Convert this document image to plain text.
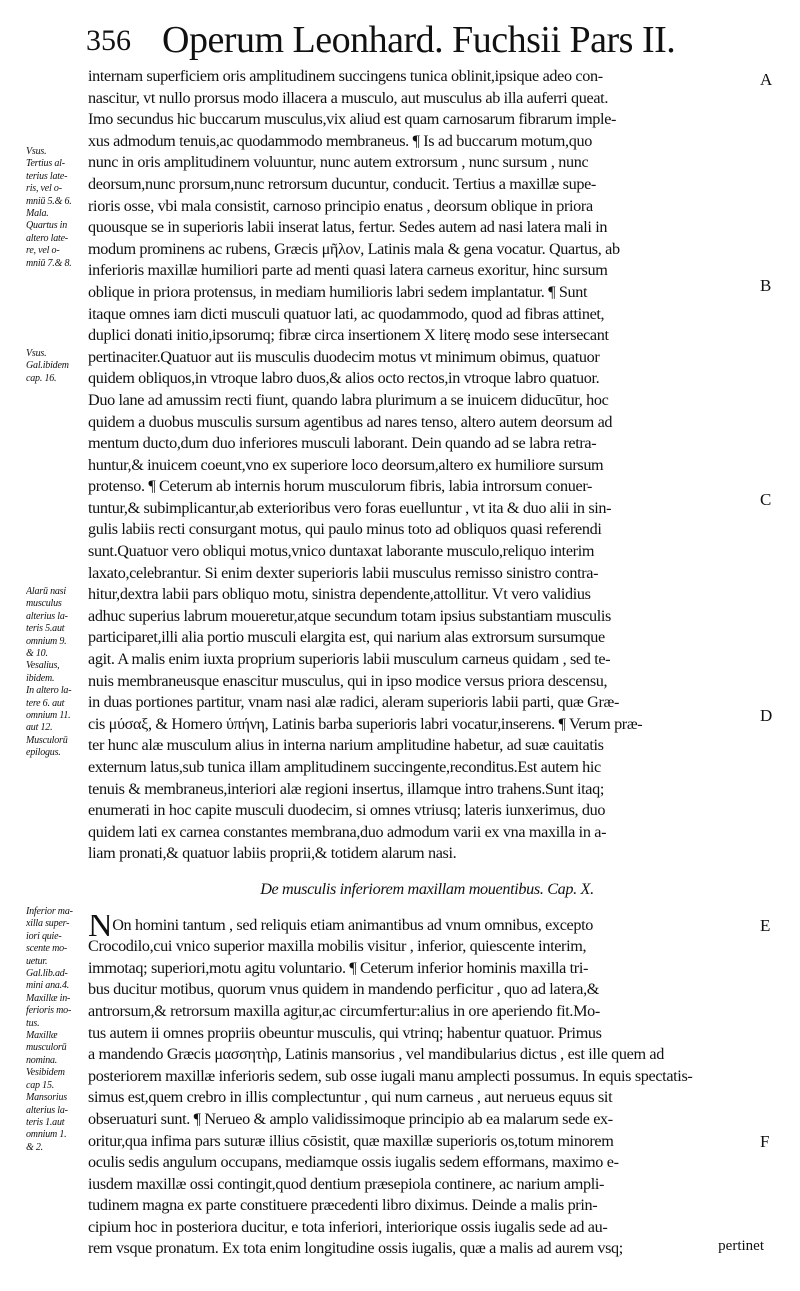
356 Operum Leonhard. Fuchsii Pars II.
Vsus.
Tertius al-
terius late-
ris, vel o-
mniū 5.& 6.
Mala.
Quartus in
altero late-
re, vel o-
mniū 7.& 8.
Vsus.
Gal.ibidem
cap. 16.
Alarū nasi
musculus
alterius la-
teris 5.aut
omnium 9.
& 10.
Vesalius,
ibidem.
In altero la-
tere 6. aut
omnium 11.
aut 12.
Musculorū
epilogus.
Inferior ma-
xilla super-
iori quie-
scente mo-
uetur.
Gal.lib.ad-
mini ana.4.
Maxillæ in-
ferioris mo-
tus.
Maxillæ
musculorū
nomina.
Vesibidem
cap 15.
Mansorius
alterius la-
teris 1.aut
omnium 1.
& 2.
A
B
C
D
E
F
internam superficiem oris amplitudinem succingens tunica oblinit,ipsique adeo con-
nascitur, vt nullo prorsus modo illacera a musculo, aut musculus ab illa auferri queat.
Imo secundus hic buccarum musculus,vix aliud est quam carnosarum fibrarum imple-
xus admodum tenuis,ac quodammodo membraneus. ¶ Is ad buccarum motum,quo
nunc in oris amplitudinem voluuntur, nunc autem extrorsum , nunc sursum , nunc
deorsum,nunc prorsum,nunc retrorsum ducuntur, conducit. Tertius a maxillæ supe-
rioris osse, vbi mala consistit, carnoso principio enatus , deorsum oblique in priora
quousque se in superioris labii inserat latus, fertur. Sedes autem ad nasi latera mali in
modum prominens ac rubens, Græcis μῆλον, Latinis mala & gena vocatur. Quartus, ab
inferioris maxillæ humiliori parte ad menti quasi latera carneus exoritur, hinc sursum
oblique in priora protensus, in mediam humilioris labri sedem implantatur. ¶ Sunt
itaque omnes iam dicti musculi quatuor lati, ac quodammodo, quod ad fibras attinet,
duplici donati initio,ipsorumq; fibræ circa insertionem X literę modo sese intersecant
pertinaciter.Quatuor aut iis musculis duodecim motus vt minimum obimus, quatuor
quidem obliquos,in vtroque labro duos,& alios octo rectos,in vtroque labro quatuor.
Duo lane ad amussim recti fiunt, quando labra plurimum a se inuicem diducūtur, hoc
quidem a duobus musculis sursum agentibus ad nares tenso, altero autem deorsum ad
mentum ducto,dum duo inferiores musculi laborant. Dein quando ad se labra retra-
huntur,& inuicem coeunt,vno ex superiore loco deorsum,altero ex humiliore sursum
protenso. ¶ Ceterum ab internis horum musculorum fibris, labia introrsum conuer-
tuntur,& subimplicantur,ab exterioribus vero foras euelluntur , vt ita & duo alii in sin-
gulis labiis recti consurgant motus, qui paulo minus toto ad obliquos quasi referendi
sunt.Quatuor vero obliqui motus,vnico duntaxat laborante musculo,reliquo interim
laxato,celebrantur. Si enim dexter superioris labii musculus remisso sinistro contra-
hitur,dextra labii pars obliquo motu, sinistra dependente,attollitur. Vt vero validius
adhuc superius labrum moueretur,atque secundum totam ipsius substantiam musculis
participaret,illi alia portio musculi elargita est, qui narium alas extrorsum sursumque
agit. A malis enim iuxta proprium superioris labii musculum carneus quidam , sed te-
nuis membraneusque enascitur musculus, qui in ipso modice versus priora descensu,
in duas portiones partitur, vnam nasi alæ radici, aleram superioris labii parti, quæ Græ-
cis μύσαξ, & Homero ὑπήνη, Latinis barba superioris labri vocatur,inserens. ¶ Verum præ-
ter hunc alæ musculum alius in interna narium amplitudine habetur, ad suæ cauitatis
externum latus,sub tunica illam amplitudinem succingente,reconditus.Est autem hic
tenuis & membraneus,interiori alæ regioni insertus, illamque intro trahens.Sunt itaq;
enumerati in hoc capite musculi duodecim, si omnes vtriusq; lateris iunxerimus, duo
quidem lati ex carnea constantes membrana,duo admodum varii ex vna maxilla in a-
liam pronati,& quatuor labiis proprii,& totidem alarum nasi.
De musculis inferiorem maxillam mouentibus. Cap. X.
NOn homini tantum , sed reliquis etiam animantibus ad vnum omnibus, excepto
Crocodilo,cui vnico superior maxilla mobilis visitur , inferior, quiescente interim,
immotaq; superiori,motu agitu voluntario. ¶ Ceterum inferior hominis maxilla tri-
bus ducitur motibus, quorum vnus quidem in mandendo perficitur , quo ad latera,&
antrorsum,& retrorsum maxilla agitur,ac circumfertur:alius in ore aperiendo fit.Mo-
tus autem ii omnes propriis obeuntur musculis, qui vtrinq; habentur quatuor. Primus
a mandendo Græcis μασσητὴρ, Latinis mansorius , vel mandibularius dictus , est ille quem ad
posteriorem maxillæ inferioris sedem, sub osse iugali manu amplecti possumus. In equis spectatis-
simus est,quem crebro in illis complectuntur , qui num carneus , aut nerueus equus sit
obseruaturi sunt. ¶ Nerueo & amplo validissimoque principio ab ea malarum sede ex-
oritur,qua infima pars suturæ illius cōsistit, quæ maxillæ superioris os,totum minorem
oculis sedis angulum occupans, mediamque ossis iugalis sedem efformans, maximo e-
iusdem maxillæ ossi contingit,quod dentium præsepiola continere, ac narium ampli-
tudinem magna ex parte constituere præcedenti libro diximus. Deinde a malis prin-
cipium hoc in posteriora ducitur, e tota inferiori, interiorique ossis iugalis sede ad au-
rem vsque pronatum. Ex tota enim longitudine ossis iugalis, quæ a malis ad aurem vsq;	pertinet
